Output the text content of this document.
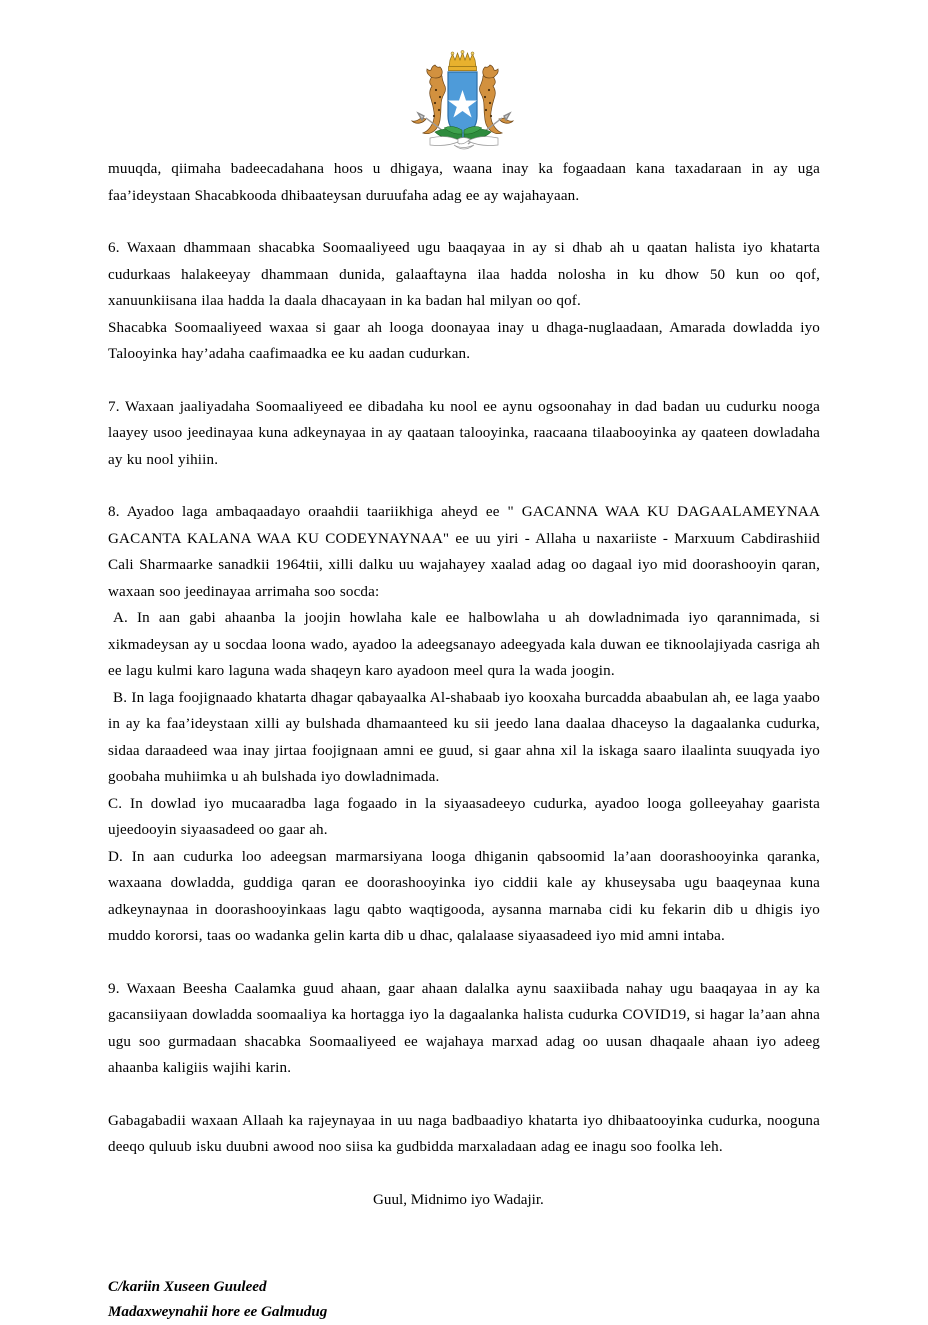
muuqda, qiimaha badeecadahana hoos u dhigaya, waana inay ka fogaadaan kana taxadaraan in ay uga faa’ideystaan Shacabkooda dhibaateysan duruufaha adag ee ay wajahayaan.

6. Waxaan dhammaan shacabka Soomaaliyeed ugu baaqayaa in ay si dhab ah u qaatan halista iyo khatarta cudurkaas halakeeyay dhammaan dunida, galaaftayna ilaa hadda nolosha in ku dhow 50 kun oo qof, xanuunkiisana ilaa hadda la daala dhacayaan in ka badan hal milyan oo qof.

Shacabka Soomaaliyeed waxaa si gaar ah looga doonayaa inay u dhaga-nuglaadaan, Amarada dowladda iyo Talooyinka hay’adaha caafimaadka ee ku aadan cudurkan.

7. Waxaan jaaliyadaha Soomaaliyeed ee dibadaha ku nool ee aynu ogsoonahay in dad badan uu cudurku nooga laayey usoo jeedinayaa kuna adkeynayaa in ay qaataan talooyinka, raacaana tilaabooyinka ay qaateen dowladaha ay ku nool yihiin.

8. Ayadoo laga ambaqaadayo oraahdii taariikhiga aheyd ee " GACANNA WAA KU DAGAALAMEYNAA GACANTA KALANA WAA KU CODEYNAYNAA" ee uu yiri - Allaha u naxariiste - Marxuum Cabdirashiid Cali Sharmaarke sanadkii 1964tii, xilli dalku uu wajahayey xaalad adag oo dagaal iyo mid doorashooyin qaran, waxaan soo jeedinayaa arrimaha soo socda:

A. In aan gabi ahaanba la joojin howlaha kale ee halbowlaha u ah dowladnimada iyo qarannimada, si xikmadeysan ay u socdaa loona wado, ayadoo la adeegsanayo adeegyada kala duwan ee tiknoolajiyada casriga ah ee lagu kulmi karo laguna wada shaqeyn karo ayadoon meel qura la wada joogin.

B. In laga foojignaado khatarta dhagar qabayaalka Al-shabaab iyo kooxaha burcadda abaabulan ah, ee laga yaabo in ay ka faa’ideystaan xilli ay bulshada dhamaanteed ku sii jeedo lana daalaa dhaceyso la dagaalanka cudurka, sidaa daraadeed waa inay jirtaa foojignaan amni ee guud, si gaar ahna xil la iskaga saaro ilaalinta suuqyada iyo goobaha muhiimka u ah bulshada iyo dowladnimada.

C. In dowlad iyo mucaaradba laga fogaado in la siyaasadeeyo cudurka, ayadoo looga golleeyahay gaarista ujeedooyin siyaasadeed oo gaar ah.

D. In aan cudurka loo adeegsan marmarsiyana looga dhiganin qabsoomid la’aan doorashooyinka qaranka, waxaana dowladda, guddiga qaran ee doorashooyinka iyo ciddii kale ay khuseysaba ugu baaqeynaa kuna adkeynaynaa in doorashooyinkaas lagu qabto waqtigooda, aysanna marnaba cidi ku fekarin dib u dhigis iyo muddo kororsi, taas oo wadanka gelin karta dib u dhac, qalalaase siyaasadeed iyo mid amni intaba.

9. Waxaan Beesha Caalamka guud ahaan, gaar ahaan dalalka aynu saaxiibada nahay ugu baaqayaa in ay ka gacansiiyaan dowladda soomaaliya ka hortagga iyo la dagaalanka halista cudurka COVID19, si hagar la’aan ahna ugu soo gurmadaan shacabka Soomaaliyeed ee wajahaya marxad adag oo uusan dhaqaale ahaan iyo adeeg ahaanba kaligiis wajihi karin.

Gabagabadii waxaan Allaah ka rajeynayaa in uu naga badbaadiyo khatarta iyo dhibaatooyinka cudurka, nooguna deeqo quluub isku duubni awood noo siisa ka gudbidda marxaladaan adag ee inagu soo foolka leh.

Guul, Midnimo iyo Wadajir.

C/kariin Xuseen Guuleed

Madaxweynahii hore ee Galmudug
